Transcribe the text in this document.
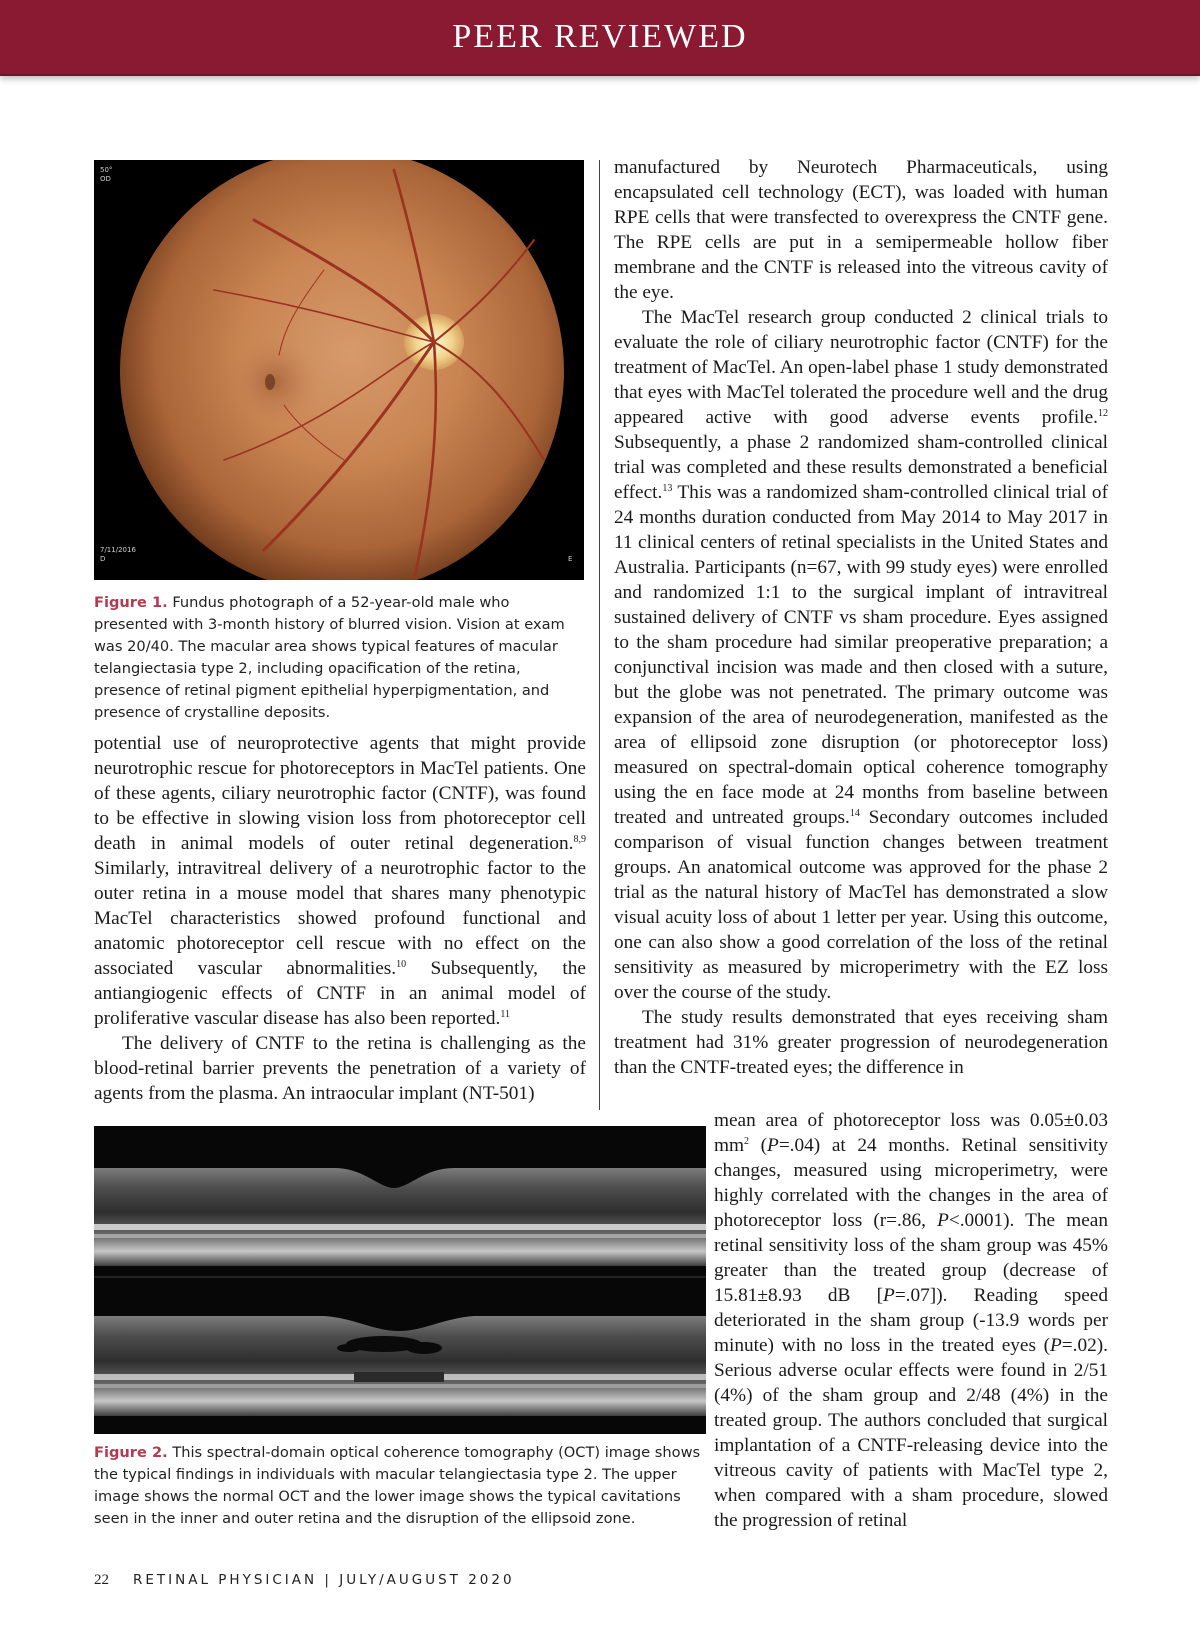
PEER REVIEWED
50°
OD
7/11/2016
D	E
Figure 1. Fundus photograph of a 52-year-old male who presented with 3-month history of blurred vision. Vision at exam was 20/40. The macular area shows typical features of macular telangiectasia type 2, including opacification of the retina, presence of retinal pigment epithelial hyperpigmentation, and presence of crystalline deposits.

potential use of neuroprotective agents that might provide neurotrophic rescue for photoreceptors in MacTel patients. One of these agents, ciliary neurotrophic factor (CNTF), was found to be effective in slowing vision loss from photoreceptor cell death in animal models of outer retinal degeneration.$^{8,9}$ Similarly, intravitreal delivery of a neurotrophic factor to the outer retina in a mouse model that shares many phenotypic MacTel characteristics showed profound functional and anatomic photoreceptor cell rescue with no effect on the associated vascular abnormalities.$^{10}$ Subsequently, the antiangiogenic effects of CNTF in an animal model of proliferative vascular disease has also been reported.$^{11}$

The delivery of CNTF to the retina is challenging as the blood-retinal barrier prevents the penetration of a variety of agents from the plasma. An intraocular implant (NT-501)

manufactured by Neurotech Pharmaceuticals, using encapsulated cell technology (ECT), was loaded with human RPE cells that were transfected to overexpress the CNTF gene. The RPE cells are put in a semipermeable hollow fiber membrane and the CNTF is released into the vitreous cavity of the eye.

The MacTel research group conducted 2 clinical trials to evaluate the role of ciliary neurotrophic factor (CNTF) for the treatment of MacTel. An open-label phase 1 study demonstrated that eyes with MacTel tolerated the procedure well and the drug appeared active with good adverse events profile.$^{12}$ Subsequently, a phase 2 randomized sham-controlled clinical trial was completed and these results demonstrated a beneficial effect.$^{13}$ This was a randomized sham-controlled clinical trial of 24 months duration conducted from May 2014 to May 2017 in 11 clinical centers of retinal specialists in the United States and Australia. Participants (n=67, with 99 study eyes) were enrolled and randomized 1:1 to the surgical implant of intravitreal sustained delivery of CNTF vs sham procedure. Eyes assigned to the sham procedure had similar preoperative preparation; a conjunctival incision was made and then closed with a suture, but the globe was not penetrated. The primary outcome was expansion of the area of neurodegeneration, manifested as the area of ellipsoid zone disruption (or photoreceptor loss) measured on spectral-domain optical coherence tomography using the en face mode at 24 months from baseline between treated and untreated groups.$^{14}$ Secondary outcomes included comparison of visual function changes between treatment groups. An anatomical outcome was approved for the phase 2 trial as the natural history of MacTel has demonstrated a slow visual acuity loss of about 1 letter per year. Using this outcome, one can also show a good correlation of the loss of the retinal sensitivity as measured by microperimetry with the EZ loss over the course of the study.

The study results demonstrated that eyes receiving sham treatment had 31% greater progression of neurodegeneration than the CNTF-treated eyes; the difference in

Figure 2. This spectral-domain optical coherence tomography (OCT) image shows the typical findings in individuals with macular telangiectasia type 2. The upper image shows the normal OCT and the lower image shows the typical cavitations seen in the inner and outer retina and the disruption of the ellipsoid zone.

mean area of photoreceptor loss was 0.05±0.03 $mm^2$ (P=.04) at 24 months. Retinal sensitivity changes, measured using microperimetry, were highly correlated with the changes in the area of photoreceptor loss (r=.86, P<.0001). The mean retinal sensitivity loss of the sham group was 45% greater than the treated group (decrease of 15.81±8.93 dB [P=.07]). Reading speed deteriorated in the sham group (-13.9 words per minute) with no loss in the treated eyes (P=.02). Serious adverse ocular effects were found in 2/51 (4%) of the sham group and 2/48 (4%) in the treated group. The authors concluded that surgical implantation of a CNTF-releasing device into the vitreous cavity of patients with MacTel type 2, when compared with a sham procedure, slowed the progression of retinal

22 RETINAL PHYSICIAN | JULY/AUGUST 2020
